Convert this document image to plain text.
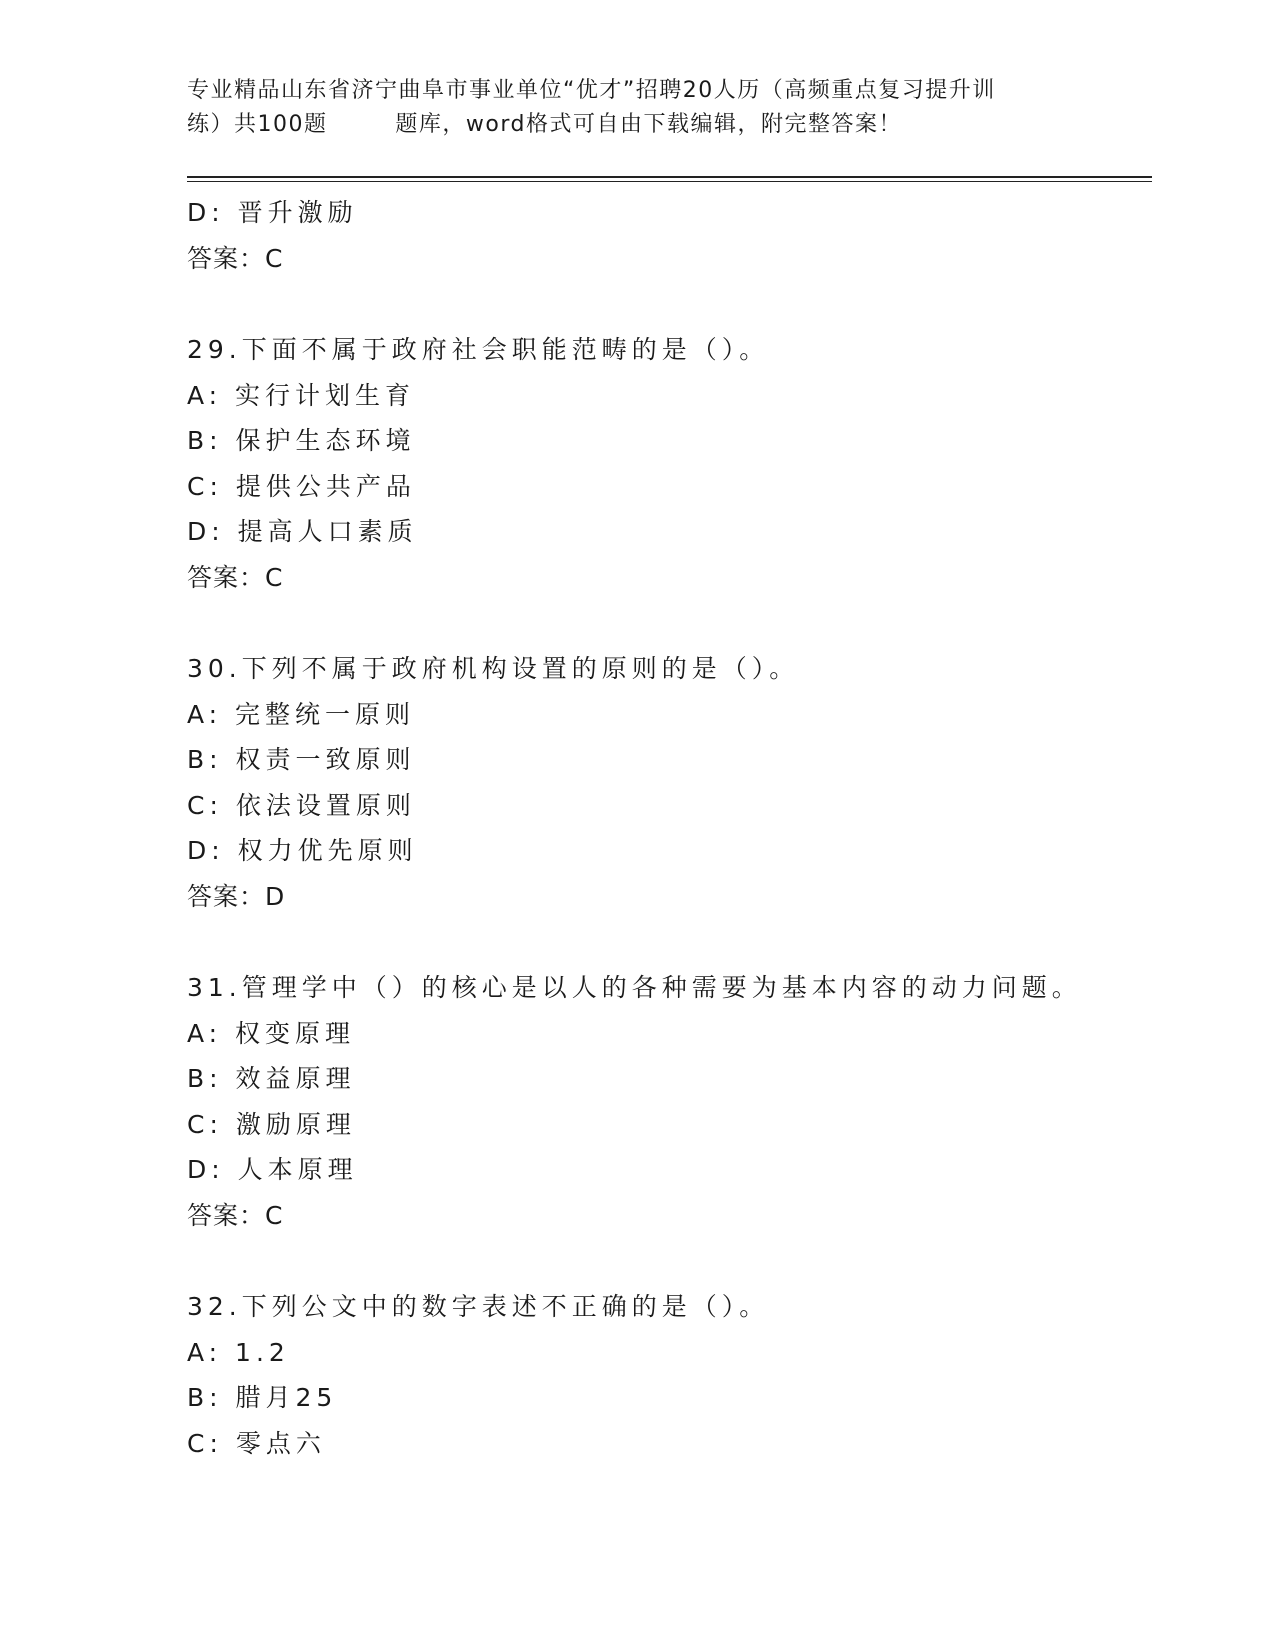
专业精品山东省济宁曲阜市事业单位“优才”招聘20人历（高频重点复习提升训
练）共100题        题库，word格式可自由下载编辑，附完整答案！
D: 晋升激励
答案：C
29.下面不属于政府社会职能范畴的是（）。
A: 实行计划生育
B: 保护生态环境
C: 提供公共产品
D: 提高人口素质
答案：C
30.下列不属于政府机构设置的原则的是（）。
A: 完整统一原则
B: 权责一致原则
C: 依法设置原则
D: 权力优先原则
答案：D
31.管理学中（）的核心是以人的各种需要为基本内容的动力问题。
A: 权变原理
B: 效益原理
C: 激励原理
D: 人本原理
答案：C
32.下列公文中的数字表述不正确的是（）。
A: 1.2
B: 腊月25
C: 零点六
